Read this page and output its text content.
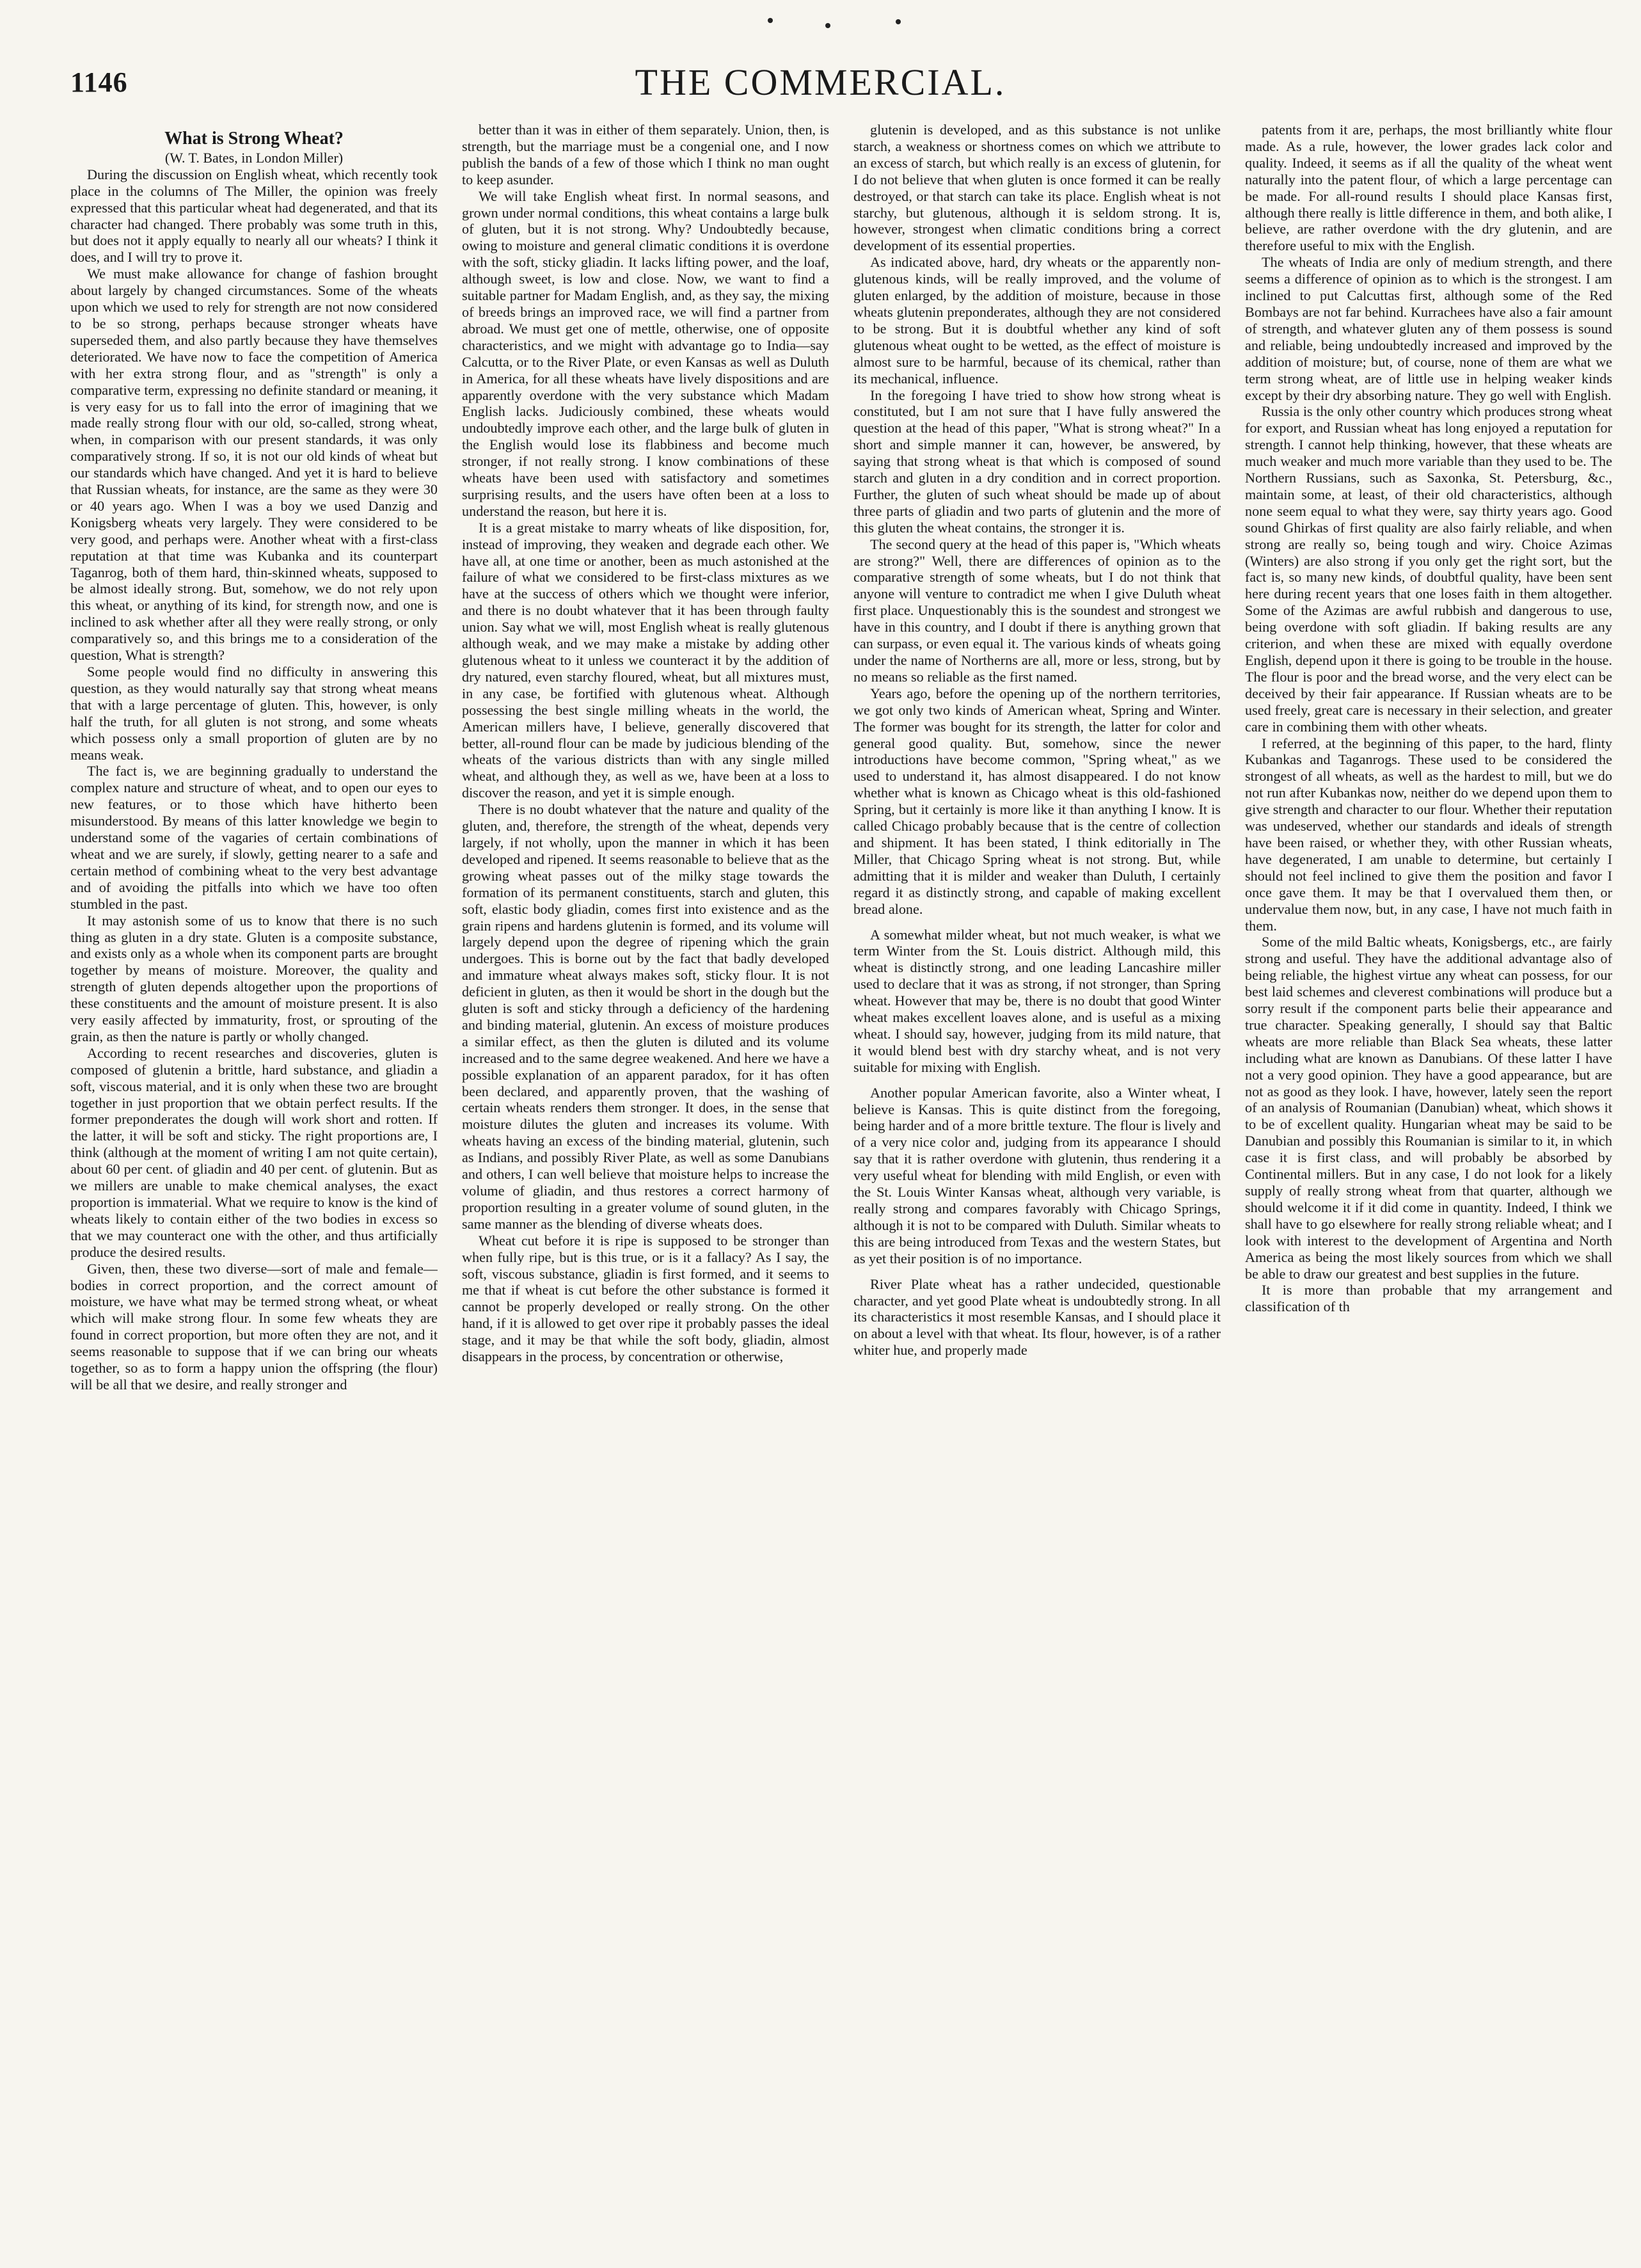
1146	THE COMMERCIAL.
What is Strong Wheat?

(W. T. Bates, in London Miller)

During the discussion on English wheat, which recently took place in the columns of The Miller, the opinion was freely expressed that this particular wheat had degenerated, and that its character had changed. There probably was some truth in this, but does not it apply equally to nearly all our wheats? I think it does, and I will try to prove it.

We must make allowance for change of fashion brought about largely by changed circumstances. Some of the wheats upon which we used to rely for strength are not now considered to be so strong, perhaps because stronger wheats have superseded them, and also partly because they have themselves deteriorated. We have now to face the competition of America with her extra strong flour, and as "strength" is only a comparative term, expressing no definite standard or meaning, it is very easy for us to fall into the error of imagining that we made really strong flour with our old, so-called, strong wheat, when, in comparison with our present standards, it was only comparatively strong. If so, it is not our old kinds of wheat but our standards which have changed. And yet it is hard to believe that Russian wheats, for instance, are the same as they were 30 or 40 years ago. When I was a boy we used Danzig and Konigsberg wheats very largely. They were considered to be very good, and perhaps were. Another wheat with a first-class reputation at that time was Kubanka and its counterpart Taganrog, both of them hard, thin-skinned wheats, supposed to be almost ideally strong. But, somehow, we do not rely upon this wheat, or anything of its kind, for strength now, and one is inclined to ask whether after all they were really strong, or only comparatively so, and this brings me to a consideration of the question, What is strength?

Some people would find no difficulty in answering this question, as they would naturally say that strong wheat means that with a large percentage of gluten. This, however, is only half the truth, for all gluten is not strong, and some wheats which possess only a small proportion of gluten are by no means weak.

The fact is, we are beginning gradually to understand the complex nature and structure of wheat, and to open our eyes to new features, or to those which have hitherto been misunderstood. By means of this latter knowledge we begin to understand some of the vagaries of certain combinations of wheat and we are surely, if slowly, getting nearer to a safe and certain method of combining wheat to the very best advantage and of avoiding the pitfalls into which we have too often stumbled in the past.

It may astonish some of us to know that there is no such thing as gluten in a dry state. Gluten is a composite substance, and exists only as a whole when its component parts are brought together by means of moisture. Moreover, the quality and strength of gluten depends altogether upon the proportions of these constituents and the amount of moisture present. It is also very easily affected by immaturity, frost, or sprouting of the grain, as then the nature is partly or wholly changed.

According to recent researches and discoveries, gluten is composed of glutenin a brittle, hard substance, and gliadin a soft, viscous material, and it is only when these two are brought together in just proportion that we obtain perfect results. If the former preponderates the dough will work short and rotten. If the latter, it will be soft and sticky. The right proportions are, I think (although at the moment of writing I am not quite certain), about 60 per cent. of gliadin and 40 per cent. of glutenin. But as we millers are unable to make chemical analyses, the exact proportion is immaterial. What we require to know is the kind of wheats likely to contain either of the two bodies in excess so that we may counteract one with the other, and thus artificially produce the desired results.

Given, then, these two diverse—sort of male and female—bodies in correct proportion, and the correct amount of moisture, we have what may be termed strong wheat, or wheat which will make strong flour. In some few wheats they are found in correct proportion, but more often they are not, and it seems reasonable to suppose that if we can bring our wheats together, so as to form a happy union the offspring (the flour) will be all that we desire, and really stronger and

better than it was in either of them separately. Union, then, is strength, but the marriage must be a congenial one, and I now publish the bands of a few of those which I think no man ought to keep asunder.

We will take English wheat first. In normal seasons, and grown under normal conditions, this wheat contains a large bulk of gluten, but it is not strong. Why? Undoubtedly because, owing to moisture and general climatic conditions it is overdone with the soft, sticky gliadin. It lacks lifting power, and the loaf, although sweet, is low and close. Now, we want to find a suitable partner for Madam English, and, as they say, the mixing of breeds brings an improved race, we will find a partner from abroad. We must get one of mettle, otherwise, one of opposite characteristics, and we might with advantage go to India—say Calcutta, or to the River Plate, or even Kansas as well as Duluth in America, for all these wheats have lively dispositions and are apparently overdone with the very substance which Madam English lacks. Judiciously combined, these wheats would undoubtedly improve each other, and the large bulk of gluten in the English would lose its flabbiness and become much stronger, if not really strong. I know combinations of these wheats have been used with satisfactory and sometimes surprising results, and the users have often been at a loss to understand the reason, but here it is.

It is a great mistake to marry wheats of like disposition, for, instead of improving, they weaken and degrade each other. We have all, at one time or another, been as much astonished at the failure of what we considered to be first-class mixtures as we have at the success of others which we thought were inferior, and there is no doubt whatever that it has been through faulty union. Say what we will, most English wheat is really glutenous although weak, and we may make a mistake by adding other glutenous wheat to it unless we counteract it by the addition of dry natured, even starchy floured, wheat, but all mixtures must, in any case, be fortified with glutenous wheat. Although possessing the best single milling wheats in the world, the American millers have, I believe, generally discovered that better, all-round flour can be made by judicious blending of the wheats of the various districts than with any single milled wheat, and although they, as well as we, have been at a loss to discover the reason, and yet it is simple enough.

There is no doubt whatever that the nature and quality of the gluten, and, therefore, the strength of the wheat, depends very largely, if not wholly, upon the manner in which it has been developed and ripened. It seems reasonable to believe that as the growing wheat passes out of the milky stage towards the formation of its permanent constituents, starch and gluten, this soft, elastic body gliadin, comes first into existence and as the grain ripens and hardens glutenin is formed, and its volume will largely depend upon the degree of ripening which the grain undergoes. This is borne out by the fact that badly developed and immature wheat always makes soft, sticky flour. It is not deficient in gluten, as then it would be short in the dough but the gluten is soft and sticky through a deficiency of the hardening and binding material, glutenin. An excess of moisture produces a similar effect, as then the gluten is diluted and its volume increased and to the same degree weakened. And here we have a possible explanation of an apparent paradox, for it has often been declared, and apparently proven, that the washing of certain wheats renders them stronger. It does, in the sense that moisture dilutes the gluten and increases its volume. With wheats having an excess of the binding material, glutenin, such as Indians, and possibly River Plate, as well as some Danubians and others, I can well believe that moisture helps to increase the volume of gliadin, and thus restores a correct harmony of proportion resulting in a greater volume of sound gluten, in the same manner as the blending of diverse wheats does.

Wheat cut before it is ripe is supposed to be stronger than when fully ripe, but is this true, or is it a fallacy? As I say, the soft, viscous substance, gliadin is first formed, and it seems to me that if wheat is cut before the other substance is formed it cannot be properly developed or really strong. On the other hand, if it is allowed to get over ripe it probably passes the ideal stage, and it may be that while the soft body, gliadin, almost disappears in the process, by concentration or otherwise,

glutenin is developed, and as this substance is not unlike starch, a weakness or shortness comes on which we attribute to an excess of starch, but which really is an excess of glutenin, for I do not believe that when gluten is once formed it can be really destroyed, or that starch can take its place. English wheat is not starchy, but glutenous, although it is seldom strong. It is, however, strongest when climatic conditions bring a correct development of its essential properties.

As indicated above, hard, dry wheats or the apparently non-glutenous kinds, will be really improved, and the volume of gluten enlarged, by the addition of moisture, because in those wheats glutenin preponderates, although they are not considered to be strong. But it is doubtful whether any kind of soft glutenous wheat ought to be wetted, as the effect of moisture is almost sure to be harmful, because of its chemical, rather than its mechanical, influence.

In the foregoing I have tried to show how strong wheat is constituted, but I am not sure that I have fully answered the question at the head of this paper, "What is strong wheat?" In a short and simple manner it can, however, be answered, by saying that strong wheat is that which is composed of sound starch and gluten in a dry condition and in correct proportion. Further, the gluten of such wheat should be made up of about three parts of gliadin and two parts of glutenin and the more of this gluten the wheat contains, the stronger it is.

The second query at the head of this paper is, "Which wheats are strong?" Well, there are differences of opinion as to the comparative strength of some wheats, but I do not think that anyone will venture to contradict me when I give Duluth wheat first place. Unquestionably this is the soundest and strongest we have in this country, and I doubt if there is anything grown that can surpass, or even equal it. The various kinds of wheats going under the name of Northerns are all, more or less, strong, but by no means so reliable as the first named.

Years ago, before the opening up of the northern territories, we got only two kinds of American wheat, Spring and Winter. The former was bought for its strength, the latter for color and general good quality. But, somehow, since the newer introductions have become common, "Spring wheat," as we used to understand it, has almost disappeared. I do not know whether what is known as Chicago wheat is this old-fashioned Spring, but it certainly is more like it than anything I know. It is called Chicago probably because that is the centre of collection and shipment. It has been stated, I think editorially in The Miller, that Chicago Spring wheat is not strong. But, while admitting that it is milder and weaker than Duluth, I certainly regard it as distinctly strong, and capable of making excellent bread alone.

A somewhat milder wheat, but not much weaker, is what we term Winter from the St. Louis district. Although mild, this wheat is distinctly strong, and one leading Lancashire miller used to declare that it was as strong, if not stronger, than Spring wheat. However that may be, there is no doubt that good Winter wheat makes excellent loaves alone, and is useful as a mixing wheat. I should say, however, judging from its mild nature, that it would blend best with dry starchy wheat, and is not very suitable for mixing with English.

Another popular American favorite, also a Winter wheat, I believe is Kansas. This is quite distinct from the foregoing, being harder and of a more brittle texture. The flour is lively and of a very nice color and, judging from its appearance I should say that it is rather overdone with glutenin, thus rendering it a very useful wheat for blending with mild English, or even with the St. Louis Winter Kansas wheat, although very variable, is really strong and compares favorably with Chicago Springs, although it is not to be compared with Duluth. Similar wheats to this are being introduced from Texas and the western States, but as yet their position is of no importance.

River Plate wheat has a rather undecided, questionable character, and yet good Plate wheat is undoubtedly strong. In all its characteristics it most resemble Kansas, and I should place it on about a level with that wheat. Its flour, however, is of a rather whiter hue, and properly made

patents from it are, perhaps, the most brilliantly white flour made. As a rule, however, the lower grades lack color and quality. Indeed, it seems as if all the quality of the wheat went naturally into the patent flour, of which a large percentage can be made. For all-round results I should place Kansas first, although there really is little difference in them, and both alike, I believe, are rather overdone with the dry glutenin, and are therefore useful to mix with the English.

The wheats of India are only of medium strength, and there seems a difference of opinion as to which is the strongest. I am inclined to put Calcuttas first, although some of the Red Bombays are not far behind. Kurrachees have also a fair amount of strength, and whatever gluten any of them possess is sound and reliable, being undoubtedly increased and improved by the addition of moisture; but, of course, none of them are what we term strong wheat, are of little use in helping weaker kinds except by their dry absorbing nature. They go well with English.

Russia is the only other country which produces strong wheat for export, and Russian wheat has long enjoyed a reputation for strength. I cannot help thinking, however, that these wheats are much weaker and much more variable than they used to be. The Northern Russians, such as Saxonka, St. Petersburg, &c., maintain some, at least, of their old characteristics, although none seem equal to what they were, say thirty years ago. Good sound Ghirkas of first quality are also fairly reliable, and when strong are really so, being tough and wiry. Choice Azimas (Winters) are also strong if you only get the right sort, but the fact is, so many new kinds, of doubtful quality, have been sent here during recent years that one loses faith in them altogether. Some of the Azimas are awful rubbish and dangerous to use, being overdone with soft gliadin. If baking results are any criterion, and when these are mixed with equally overdone English, depend upon it there is going to be trouble in the house. The flour is poor and the bread worse, and the very elect can be deceived by their fair appearance. If Russian wheats are to be used freely, great care is necessary in their selection, and greater care in combining them with other wheats.

I referred, at the beginning of this paper, to the hard, flinty Kubankas and Taganrogs. These used to be considered the strongest of all wheats, as well as the hardest to mill, but we do not run after Kubankas now, neither do we depend upon them to give strength and character to our flour. Whether their reputation was undeserved, whether our standards and ideals of strength have been raised, or whether they, with other Russian wheats, have degenerated, I am unable to determine, but certainly I should not feel inclined to give them the position and favor I once gave them. It may be that I overvalued them then, or undervalue them now, but, in any case, I have not much faith in them.

Some of the mild Baltic wheats, Konigsbergs, etc., are fairly strong and useful. They have the additional advantage also of being reliable, the highest virtue any wheat can possess, for our best laid schemes and cleverest combinations will produce but a sorry result if the component parts belie their appearance and true character. Speaking generally, I should say that Baltic wheats are more reliable than Black Sea wheats, these latter including what are known as Danubians. Of these latter I have not a very good opinion. They have a good appearance, but are not as good as they look. I have, however, lately seen the report of an analysis of Roumanian (Danubian) wheat, which shows it to be of excellent quality. Hungarian wheat may be said to be Danubian and possibly this Roumanian is similar to it, in which case it is first class, and will probably be absorbed by Continental millers. But in any case, I do not look for a likely supply of really strong wheat from that quarter, although we should welcome it if it did come in quantity. Indeed, I think we shall have to go elsewhere for really strong reliable wheat; and I look with interest to the development of Argentina and North America as being the most likely sources from which we shall be able to draw our greatest and best supplies in the future.

It is more than probable that my arrangement and classification of th
